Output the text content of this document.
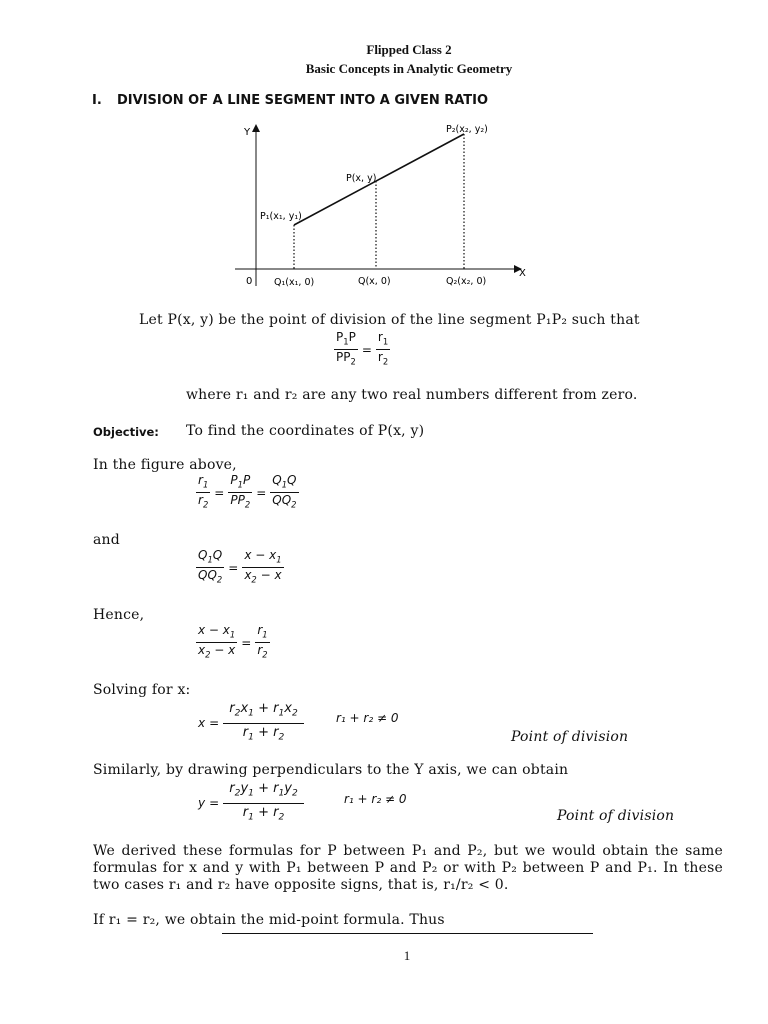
Flipped Class 2
Basic Concepts in Analytic Geometry
I. DIVISION OF A LINE SEGMENT INTO A GIVEN RATIO
Y
X
0
P₁(x₁, y₁)
P(x, y)
P₂(x₂, y₂)
Q₁(x₁, 0)	Q(x, 0)	Q₂(x₂, 0)
Let P(x, y) be the point of division of the line segment P₁P₂ such that
$\frac{P_1P}{PP_2} = \frac{r_1}{r_2}$
where r₁ and r₂ are any two real numbers different from zero.
Objective: To find the coordinates of P(x, y)
In the figure above,
$\frac{r_1}{r_2} = \frac{P_1P}{PP_2} = \frac{Q_1Q}{QQ_2}$
and
$\frac{Q_1Q}{QQ_2} = \frac{x - x_1}{x_2 - x}$
Hence,
$\frac{x - x_1}{x_2 - x} = \frac{r_1}{r_2}$
Solving for x:
$x = \frac{r_2x_1 + r_1x_2}{r_1 + r_2}$	r₁ + r₂ ≠ 0
Point of division
Similarly, by drawing perpendiculars to the Y axis, we can obtain
$y = \frac{r_2y_1 + r_1y_2}{r_1 + r_2}$	r₁ + r₂ ≠ 0
Point of division
We derived these formulas for P between P₁ and P₂, but we would obtain the same formulas for x and y with P₁ between P and P₂ or with P₂ between P and P₁. In these two cases r₁ and r₂ have opposite signs, that is, r₁/r₂ < 0.
If r₁ = r₂, we obtain the mid-point formula. Thus
1
